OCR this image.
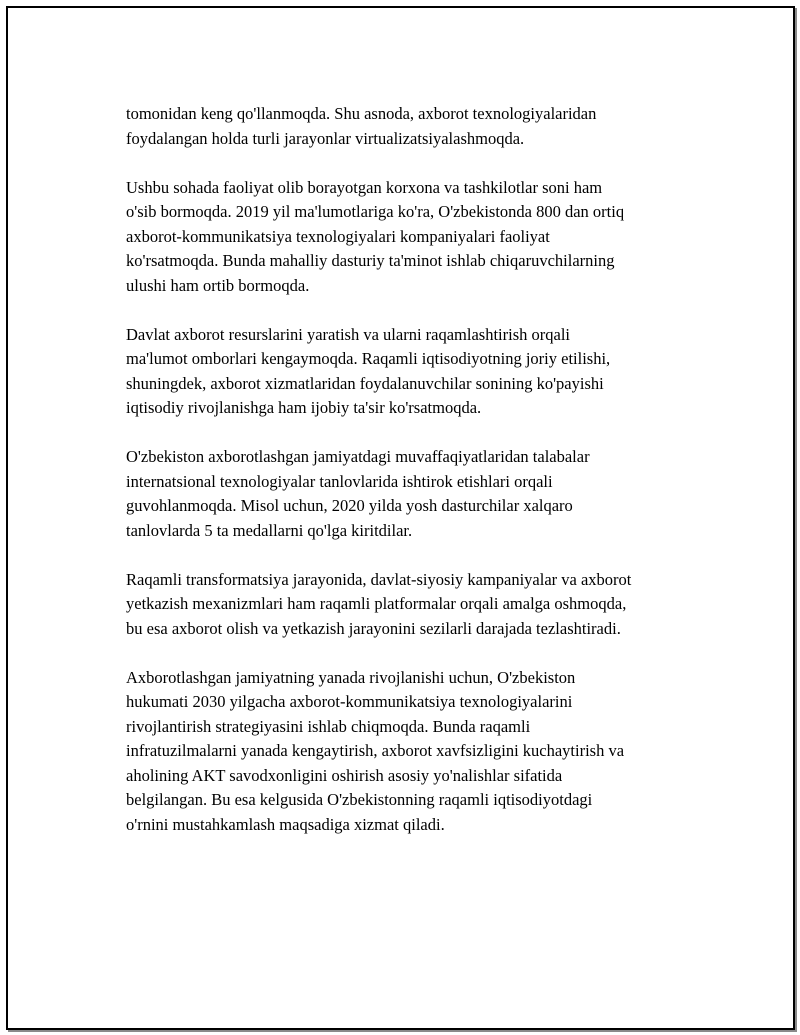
tomonidan keng qo'llanmoqda. Shu asnoda, axborot texnologiyalaridan
foydalangan holda turli jarayonlar virtualizatsiyalashmoqda.

Ushbu sohada faoliyat olib borayotgan korxona va tashkilotlar soni ham
o'sib bormoqda. 2019 yil ma'lumotlariga ko'ra, O'zbekistonda 800 dan ortiq
axborot-kommunikatsiya texnologiyalari kompaniyalari faoliyat
ko'rsatmoqda. Bunda mahalliy dasturiy ta'minot ishlab chiqaruvchilarning
ulushi ham ortib bormoqda.

Davlat axborot resurslarini yaratish va ularni raqamlashtirish orqali
ma'lumot omborlari kengaymoqda. Raqamli iqtisodiyotning joriy etilishi,
shuningdek, axborot xizmatlaridan foydalanuvchilar sonining ko'payishi
iqtisodiy rivojlanishga ham ijobiy ta'sir ko'rsatmoqda.

O'zbekiston axborotlashgan jamiyatdagi muvaffaqiyatlaridan talabalar
internatsional texnologiyalar tanlovlarida ishtirok etishlari orqali
guvohlanmoqda. Misol uchun, 2020 yilda yosh dasturchilar xalqaro
tanlovlarda 5 ta medallarni qo'lga kiritdilar.

Raqamli transformatsiya jarayonida, davlat-siyosiy kampaniyalar va axborot
yetkazish mexanizmlari ham raqamli platformalar orqali amalga oshmoqda,
bu esa axborot olish va yetkazish jarayonini sezilarli darajada tezlashtiradi.

Axborotlashgan jamiyatning yanada rivojlanishi uchun, O'zbekiston
hukumati 2030 yilgacha axborot-kommunikatsiya texnologiyalarini
rivojlantirish strategiyasini ishlab chiqmoqda. Bunda raqamli
infratuzilmalarni yanada kengaytirish, axborot xavfsizligini kuchaytirish va
aholining AKT savodxonligini oshirish asosiy yo'nalishlar sifatida
belgilangan. Bu esa kelgusida O'zbekistonning raqamli iqtisodiyotdagi
o'rnini mustahkamlash maqsadiga xizmat qiladi.
